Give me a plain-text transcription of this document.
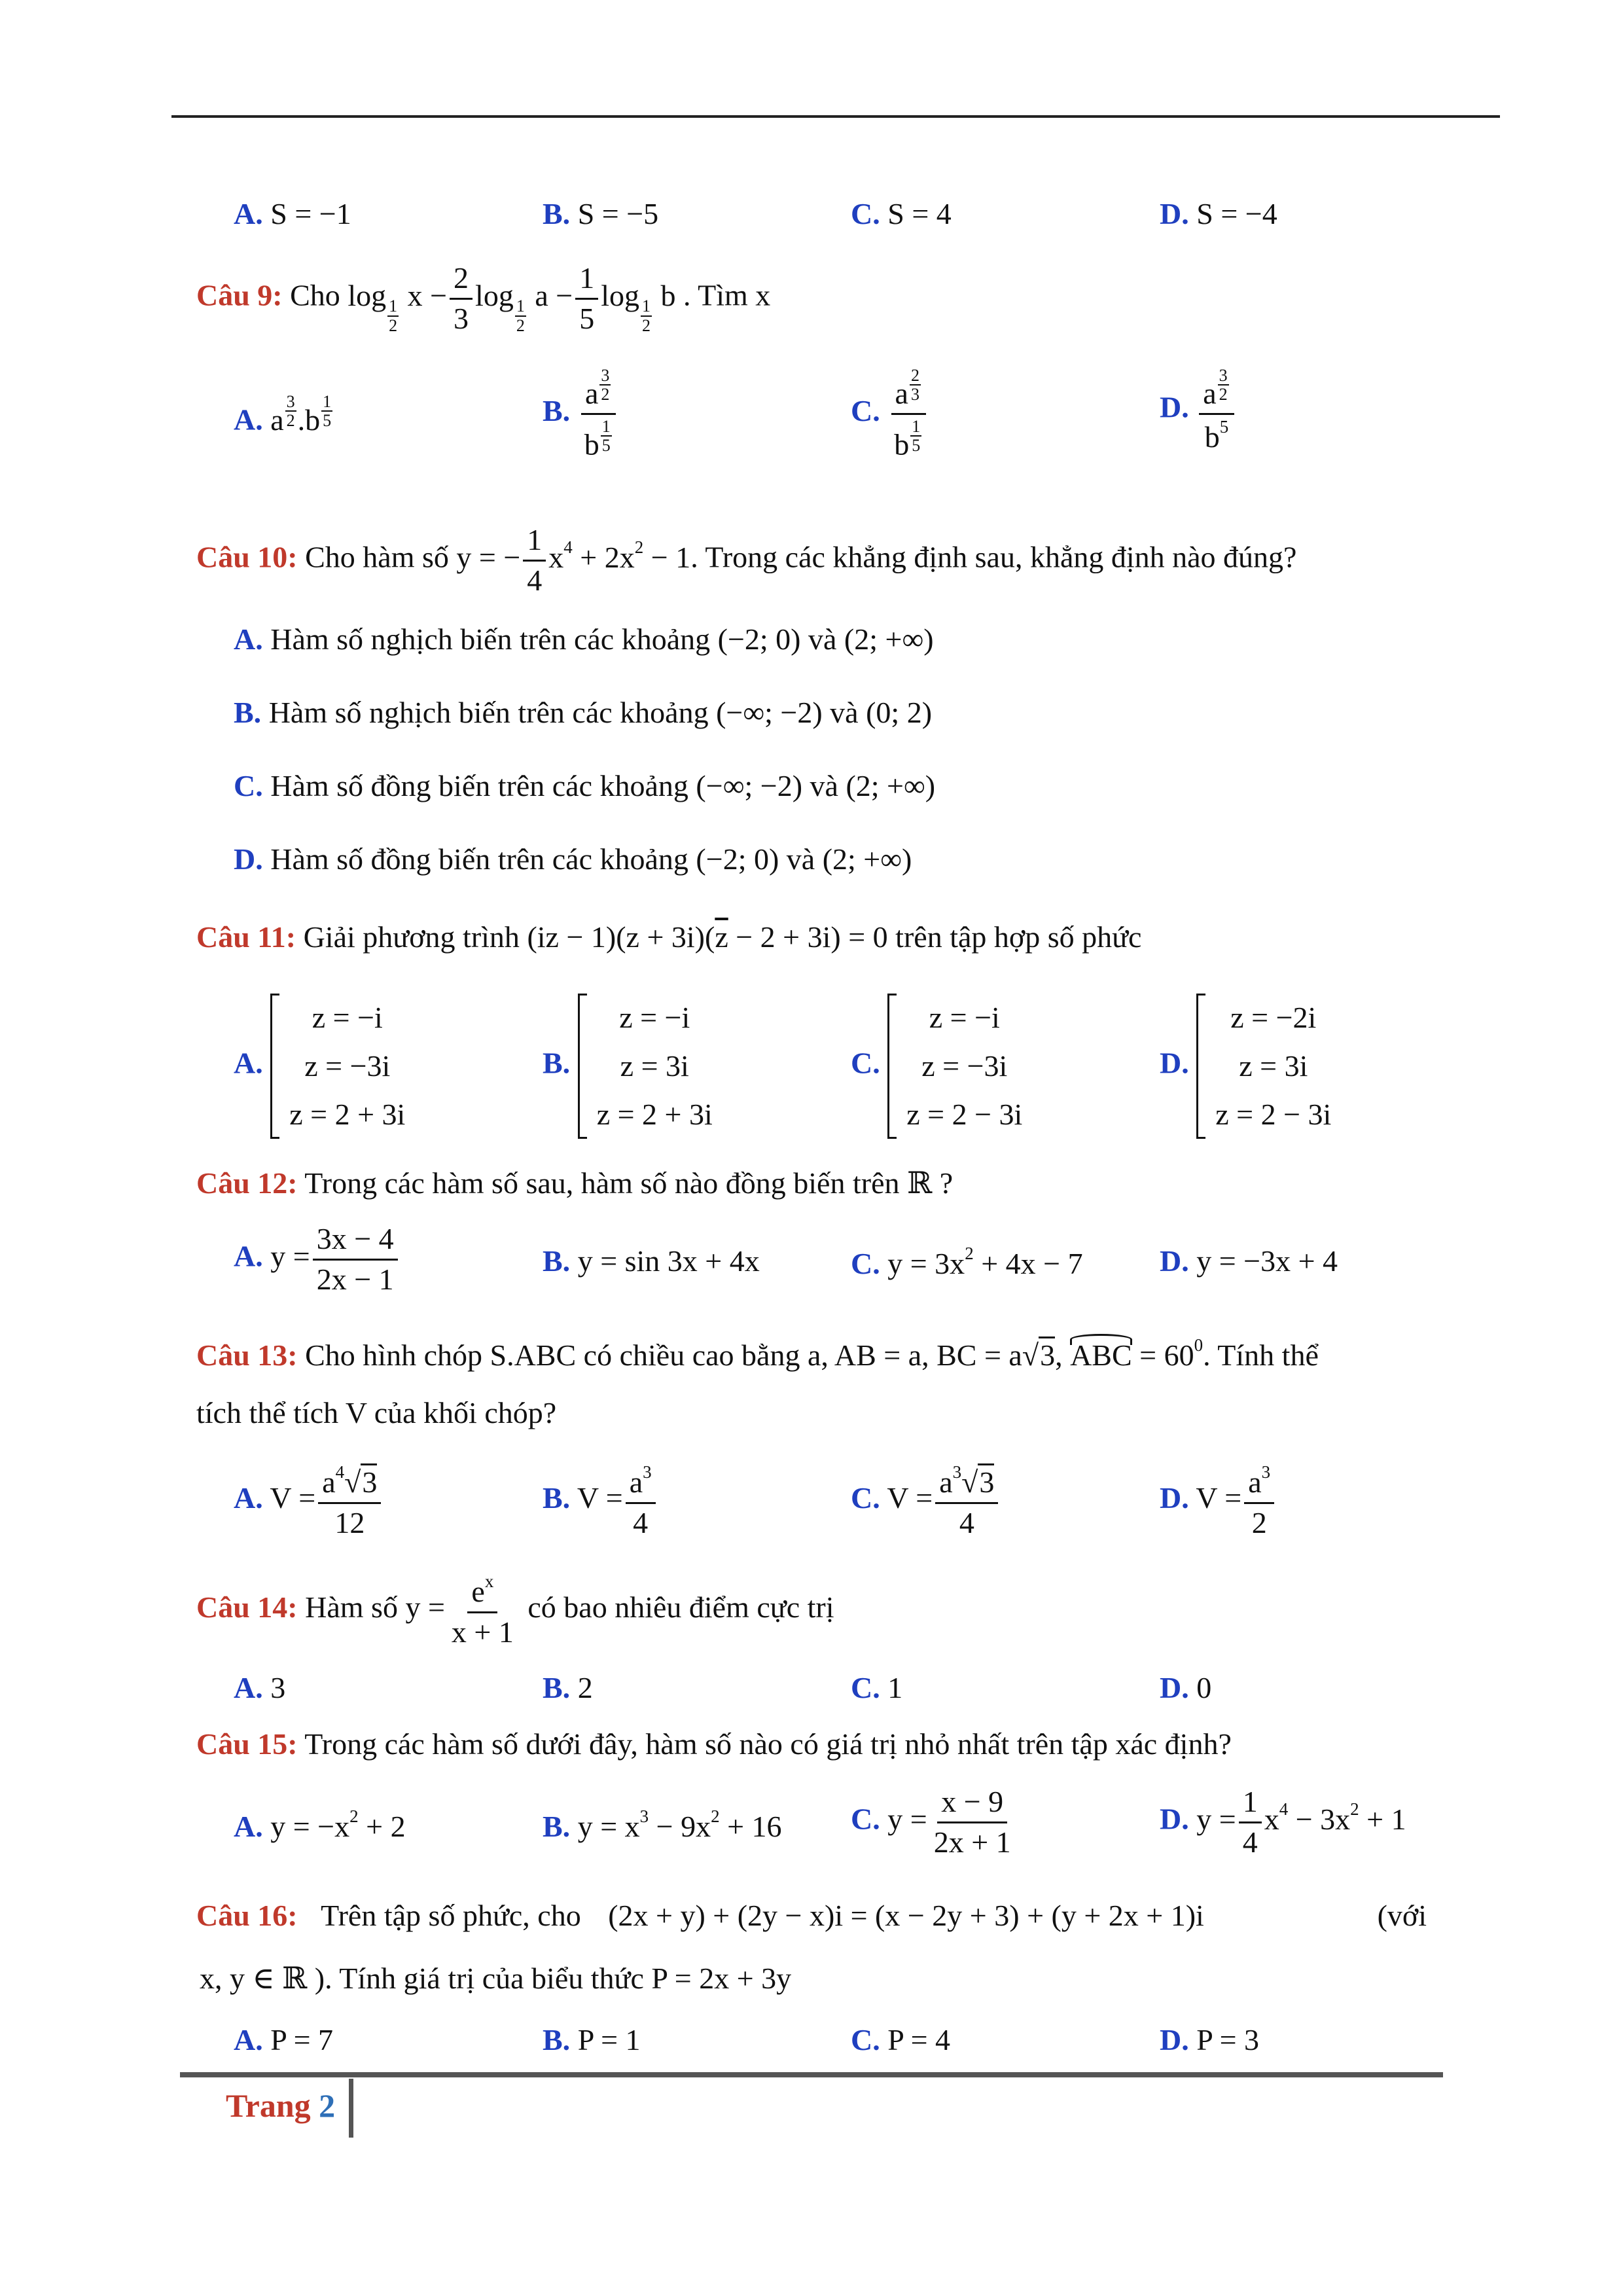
A. S = −1	B. S = −5	C. S = 4	D. S = −4
Câu 9: Cho log
$\frac{1}{2}$
$x - \frac{2}{3}$ log
$\frac{1}{2}$
$a - \frac{1}{5}$ log
$\frac{1}{2}$
b . Tìm x
A. a $^{\frac{3}{2}}$ .b $^{\frac{1}{5}}$	B. a $^{\frac{3}{2}}$
b $^{\frac{1}{5}}$	C. a $^{\frac{2}{3}}$
b $^{\frac{1}{5}}$	D. a $^{\frac{3}{2}}$
$b^5$
Câu 10: Cho hàm số y = − $\frac{1}{4} x^4 + 2x^2 - 1$. Trong các khẳng định sau, khẳng định nào đúng?
A. Hàm số nghịch biến trên các khoảng (−2; 0) và (2; +∞)
B. Hàm số nghịch biến trên các khoảng (−∞; −2) và (0; 2)
C. Hàm số đồng biến trên các khoảng (−∞; −2) và (2; +∞)
D. Hàm số đồng biến trên các khoảng (−2; 0) và (2; +∞)
Câu 11: Giải phương trình $(iz - 1)(z + 3i)(\overline{z} - 2 + 3i) = 0$ trên tập hợp số phức
A.
z = −i
z = −3i
z = 2 + 3i
B.
z = −i
z = 3i
z = 2 + 3i
C.
z = −i
z = −3i
z = 2 − 3i
D.
z = −2i
z = 3i
z = 2 − 3i
Câu 12: Trong các hàm số sau, hàm số nào đồng biến trên ℝ ?
A. $y = \frac{3x - 4}{2x - 1}$	B. y = sin 3x + 4x	C. $y = 3x^2 + 4x - 7$	D. y = −3x + 4
Câu 13: Cho hình chóp S.ABC có chiều cao bằng a, AB = a, BC = a√3, ABC = $60^0$. Tính thể
tích thể tích V của khối chóp?
A. $V = \frac{a^4√3}{12}$	B. $V = \frac{a^3}{4}$	C. $V = \frac{a^3√3}{4}$	D. $V = \frac{a^3}{2}$
Câu 14: Hàm số $y = \frac{e^x}{x + 1}$ có bao nhiêu điểm cực trị
A. 3	B. 2	C. 1	D. 0
Câu 15: Trong các hàm số dưới đây, hàm số nào có giá trị nhỏ nhất trên tập xác định?
A. $y = -x^2 + 2$	B. $y = x^3 - 9x^2 + 16$ C. $y = \frac{x - 9}{2x + 1}$	D. $y = \frac{1}{4} x^4 - 3x^2 + 1$
Câu 16: Trên tập số phức, cho (2x + y) + (2y − x)i = (x − 2y + 3) + (y + 2x + 1)i	(với
x, y ∈ ℝ ). Tính giá trị của biểu thức P = 2x + 3y
A. P = 7	B. P = 1	C. P = 4	D. P = 3
Trang 2
